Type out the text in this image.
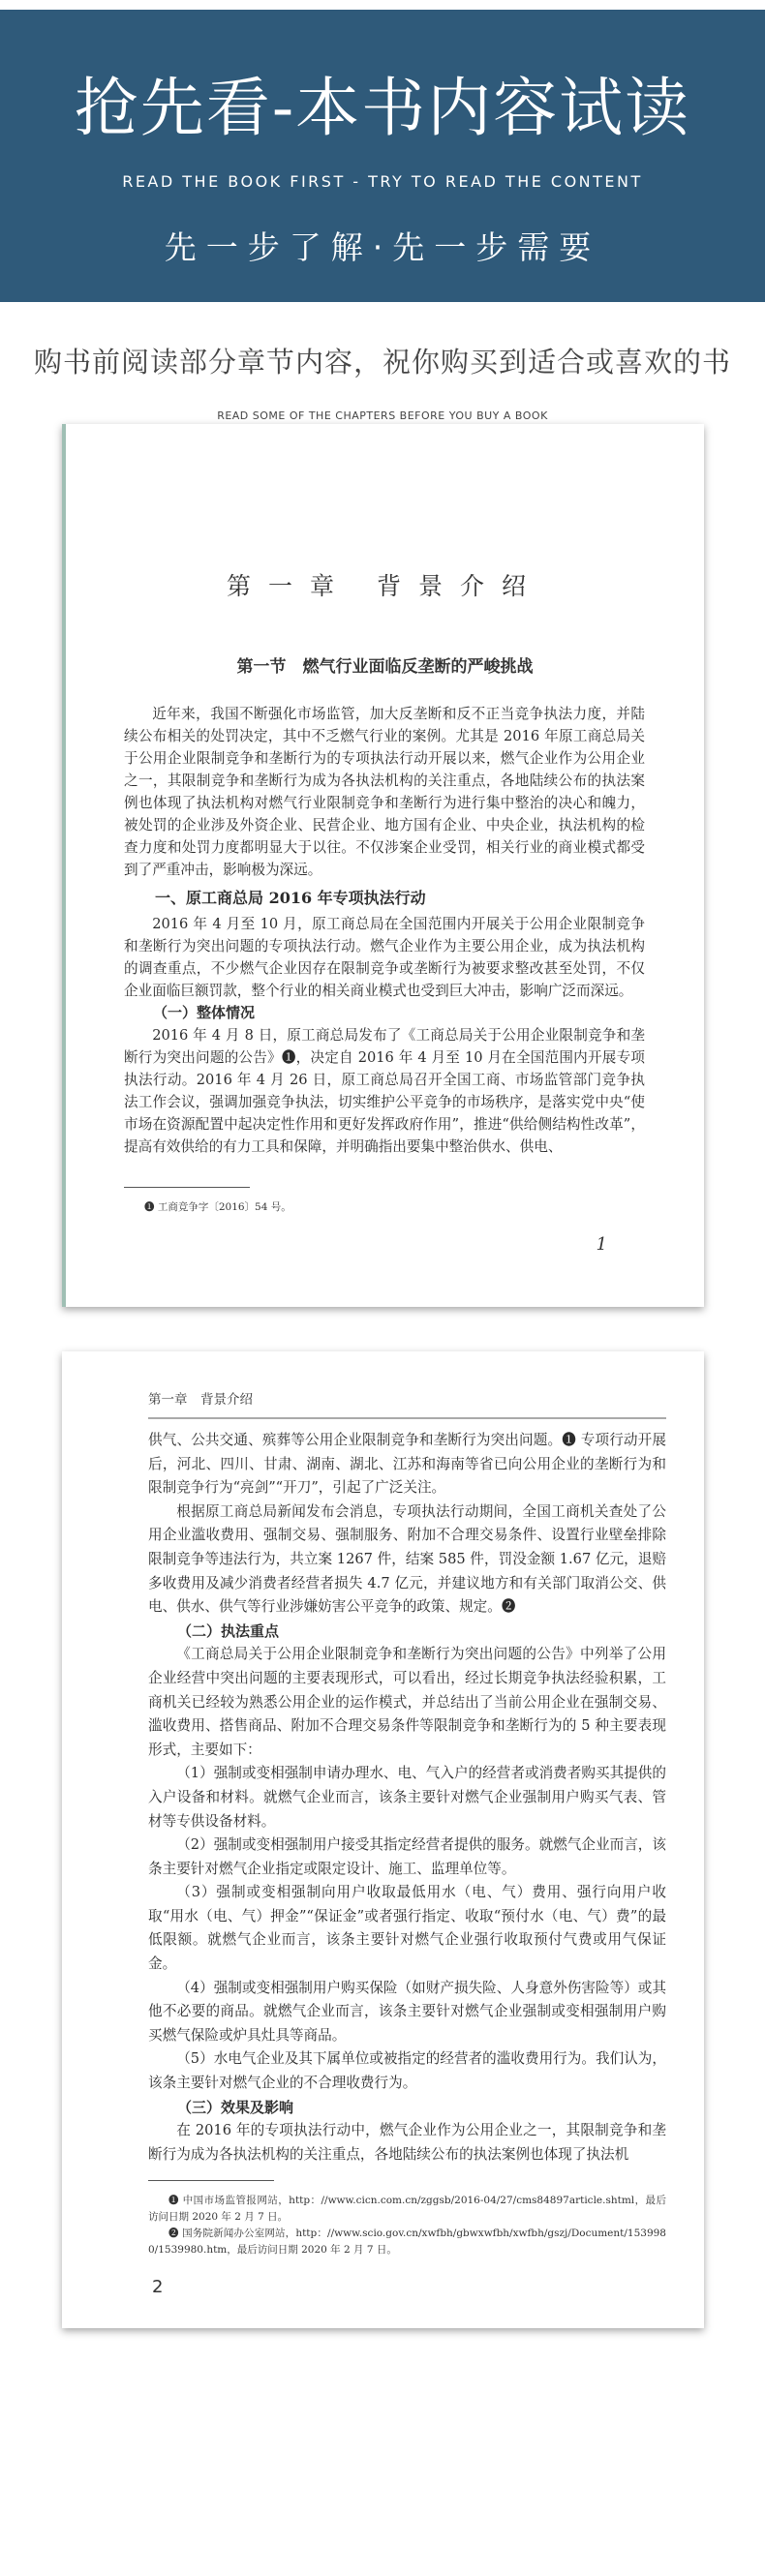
抢先看-本书内容试读
READ THE BOOK FIRST - TRY TO READ THE CONTENT
先一步了解·先一步需要
购书前阅读部分章节内容，祝你购买到适合或喜欢的书
READ SOME OF THE CHAPTERS BEFORE YOU BUY A BOOK
第一章 背景介绍
第一节　燃气行业面临反垄断的严峻挑战

近年来，我国不断强化市场监管，加大反垄断和反不正当竞争执法力度，并陆续公布相关的处罚决定，其中不乏燃气行业的案例。尤其是 2016 年原工商总局关于公用企业限制竞争和垄断行为的专项执法行动开展以来，燃气企业作为公用企业之一，其限制竞争和垄断行为成为各执法机构的关注重点，各地陆续公布的执法案例也体现了执法机构对燃气行业限制竞争和垄断行为进行集中整治的决心和魄力，被处罚的企业涉及外资企业、民营企业、地方国有企业、中央企业，执法机构的检查力度和处罚力度都明显大于以往。不仅涉案企业受罚，相关行业的商业模式都受到了严重冲击，影响极为深远。

一、原工商总局 2016 年专项执法行动

2016 年 4 月至 10 月，原工商总局在全国范围内开展关于公用企业限制竞争和垄断行为突出问题的专项执法行动。燃气企业作为主要公用企业，成为执法机构的调查重点，不少燃气企业因存在限制竞争或垄断行为被要求整改甚至处罚，不仅企业面临巨额罚款，整个行业的相关商业模式也受到巨大冲击，影响广泛而深远。

（一）整体情况

2016 年 4 月 8 日，原工商总局发布了《工商总局关于公用企业限制竞争和垄断行为突出问题的公告》❶，决定自 2016 年 4 月至 10 月在全国范围内开展专项执法行动。2016 年 4 月 26 日，原工商总局召开全国工商、市场监管部门竞争执法工作会议，强调加强竞争执法，切实维护公平竞争的市场秩序，是落实党中央“使市场在资源配置中起决定性作用和更好发挥政府作用”，推进“供给侧结构性改革”，提高有效供给的有力工具和保障，并明确指出要集中整治供水、供电、

❶ 工商竞争字〔2016〕54 号。
1
第一章　背景介绍

供气、公共交通、殡葬等公用企业限制竞争和垄断行为突出问题。❶ 专项行动开展后，河北、四川、甘肃、湖南、湖北、江苏和海南等省已向公用企业的垄断行为和限制竞争行为“亮剑”“开刀”，引起了广泛关注。

根据原工商总局新闻发布会消息，专项执法行动期间，全国工商机关查处了公用企业滥收费用、强制交易、强制服务、附加不合理交易条件、设置行业壁垒排除限制竞争等违法行为，共立案 1267 件，结案 585 件，罚没金额 1.67 亿元，退赔多收费用及减少消费者经营者损失 4.7 亿元，并建议地方和有关部门取消公交、供电、供水、供气等行业涉嫌妨害公平竞争的政策、规定。❷

（二）执法重点

《工商总局关于公用企业限制竞争和垄断行为突出问题的公告》中列举了公用企业经营中突出问题的主要表现形式，可以看出，经过长期竞争执法经验积累，工商机关已经较为熟悉公用企业的运作模式，并总结出了当前公用企业在强制交易、滥收费用、搭售商品、附加不合理交易条件等限制竞争和垄断行为的 5 种主要表现形式，主要如下：

（1）强制或变相强制申请办理水、电、气入户的经营者或消费者购买其提供的入户设备和材料。就燃气企业而言，该条主要针对燃气企业强制用户购买气表、管材等专供设备材料。

（2）强制或变相强制用户接受其指定经营者提供的服务。就燃气企业而言，该条主要针对燃气企业指定或限定设计、施工、监理单位等。

（3）强制或变相强制向用户收取最低用水（电、气）费用、强行向用户收取“用水（电、气）押金”“保证金”或者强行指定、收取“预付水（电、气）费”的最低限额。就燃气企业而言，该条主要针对燃气企业强行收取预付气费或用气保证金。

（4）强制或变相强制用户购买保险（如财产损失险、人身意外伤害险等）或其他不必要的商品。就燃气企业而言，该条主要针对燃气企业强制或变相强制用户购买燃气保险或炉具灶具等商品。

（5）水电气企业及其下属单位或被指定的经营者的滥收费用行为。我们认为，该条主要针对燃气企业的不合理收费行为。

（三）效果及影响

在 2016 年的专项执法行动中，燃气企业作为公用企业之一，其限制竞争和垄断行为成为各执法机构的关注重点，各地陆续公布的执法案例也体现了执法机

❶ 中国市场监管报网站，http：//www.cicn.com.cn/zggsb/2016-04/27/cms84897article.shtml，最后访问日期 2020 年 2 月 7 日。
❷ 国务院新闻办公室网站，http：//www.scio.gov.cn/xwfbh/gbwxwfbh/xwfbh/gszj/Document/1539980/1539980.htm，最后访问日期 2020 年 2 月 7 日。
2
